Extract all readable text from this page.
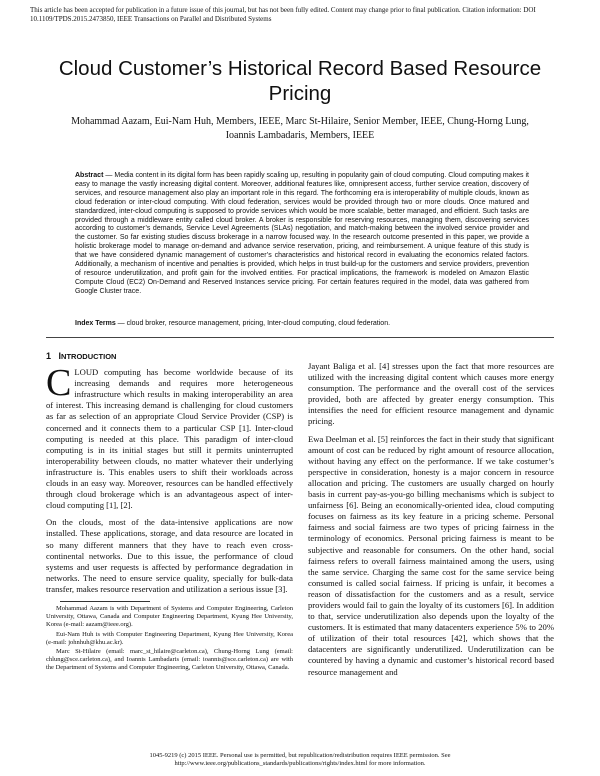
This article has been accepted for publication in a future issue of this journal, but has not been fully edited. Content may change prior to final publication. Citation information: DOI 10.1109/TPDS.2015.2473850, IEEE Transactions on Parallel and Distributed Systems
Cloud Customer’s Historical Record Based Resource Pricing
Mohammad Aazam, Eui-Nam Huh, Members, IEEE, Marc St-Hilaire, Senior Member, IEEE, Chung-Horng Lung, Ioannis Lambadaris, Members, IEEE
Abstract — Media content in its digital form has been rapidly scaling up, resulting in popularity gain of cloud computing. Cloud computing makes it easy to manage the vastly increasing digital content. Moreover, additional features like, omnipresent access, further service creation, discovery of services, and resource management also play an important role in this regard. The forthcoming era is interoperability of multiple clouds, known as cloud federation or inter-cloud computing. With cloud federation, services would be provided through two or more clouds. Once matured and standardized, inter-cloud computing is supposed to provide services which would be more scalable, better managed, and efficient. Such tasks are provided through a middleware entity called cloud broker. A broker is responsible for reserving resources, managing them, discovering services according to customer’s demands, Service Level Agreements (SLAs) negotiation, and match-making between the involved service provider and the customer. So far existing studies discuss brokerage in a narrow focused way. In the research outcome presented in this paper, we provide a holistic brokerage model to manage on-demand and advance service reservation, pricing, and reimbursement. A unique feature of this study is that we have considered dynamic management of customer’s characteristics and historical record in evaluating the economics related factors. Additionally, a mechanism of incentive and penalties is provided, which helps in trust build-up for the customers and service providers, prevention of resource underutilization, and profit gain for the involved entities. For practical implications, the framework is modeled on Amazon Elastic Compute Cloud (EC2) On-Demand and Reserved Instances service pricing. For certain features required in the model, data was gathered from Google Cluster trace.
Index Terms — cloud broker, resource management, pricing, Inter-cloud computing, cloud federation.
1 INTRODUCTION

CLOUD computing has become worldwide because of its increasing demands and requires more heterogeneous infrastructure which results in making interoperability an area of interest. This increasing demand is challenging for cloud customers as far as selection of an appropriate Cloud Service Provider (CSP) is concerned and it connects them to a particular CSP [1]. Inter-cloud computing is needed at this place. This paradigm of inter-cloud computing is in its initial stages but still it permits uninterrupted interoperability between clouds, no matter whatever their underlying infrastructure is. This enables users to shift their workloads across clouds in an easy way. Moreover, resources can be handled effectively through cloud brokerage which is an advantageous aspect of inter-cloud computing [1], [2].

On the clouds, most of the data-intensive applications are now installed. These applications, storage, and data resource are located in so many different manners that they have to reach even cross-continental networks. Due to this issue, the performance of cloud systems and user requests is affected by performance degradation in networks. The need to ensure service quality, specially for bulk-data transfer, makes resource reservation and utilization a serious issue [3].

Mohammad Aazam is with Department of Systems and Computer Engineering, Carleton University, Ottawa, Canada and Computer Engineering Department, Kyung Hee University, Korea (e-mail: aazam@ieee.org).

Eui-Nam Huh is with Computer Engineering Department, Kyung Hee University, Korea (e-mail: johnhuh@khu.ac.kr).

Marc St-Hilaire (email: marc_st_hilaire@carleton.ca), Chung-Horng Lung (email: chlung@sce.carleton.ca), and Ioannis Lambadaris (email: ioannis@sce.carleton.ca) are with the Department of Systems and Computer Engineering, Carleton University, Ottawa, Canada.

Jayant Baliga et al. [4] stresses upon the fact that more resources are utilized with the increasing digital content which causes more energy consumption. The performance and the overall cost of the services provided, both are affected by greater energy consumption. This intensifies the need for efficient resource management and dynamic pricing.

Ewa Deelman et al. [5] reinforces the fact in their study that significant amount of cost can be reduced by right amount of resource allocation, without having any effect on the performance. If we take costumer’s perspective in consideration, honesty is a major concern in resource allocation and pricing. The customers are usually charged on hourly basis in current pay-as-you-go billing mechanisms which is subject to unfairness [6]. Being an economically-oriented idea, cloud computing focuses on fairness as its key feature in a pricing scheme. Personal fairness and social fairness are two types of pricing fairness in the terminology of economics. Personal pricing fairness is meant to be subjective and reasonable for consumers. On the other hand, social fairness refers to overall fairness maintained among the users, using the same service. Charging the same cost for the same service being consumed is called social fairness. If pricing is unfair, it becomes a reason of dissatisfaction for the customers and as a result, service providers would fail to gain the loyalty of its customers [6]. In addition to that, service underutilization also depends upon the loyalty of the customers. It is estimated that many datacenters experience 5% to 20% of utilization of their total resources [42], which shows that the datacenters are significantly underutilized. Underutilization can be countered by having a dynamic and customer’s historical record based resource management and

1045-9219 (c) 2015 IEEE. Personal use is permitted, but republication/redistribution requires IEEE permission. See
http://www.ieee.org/publications_standards/publications/rights/index.html for more information.
